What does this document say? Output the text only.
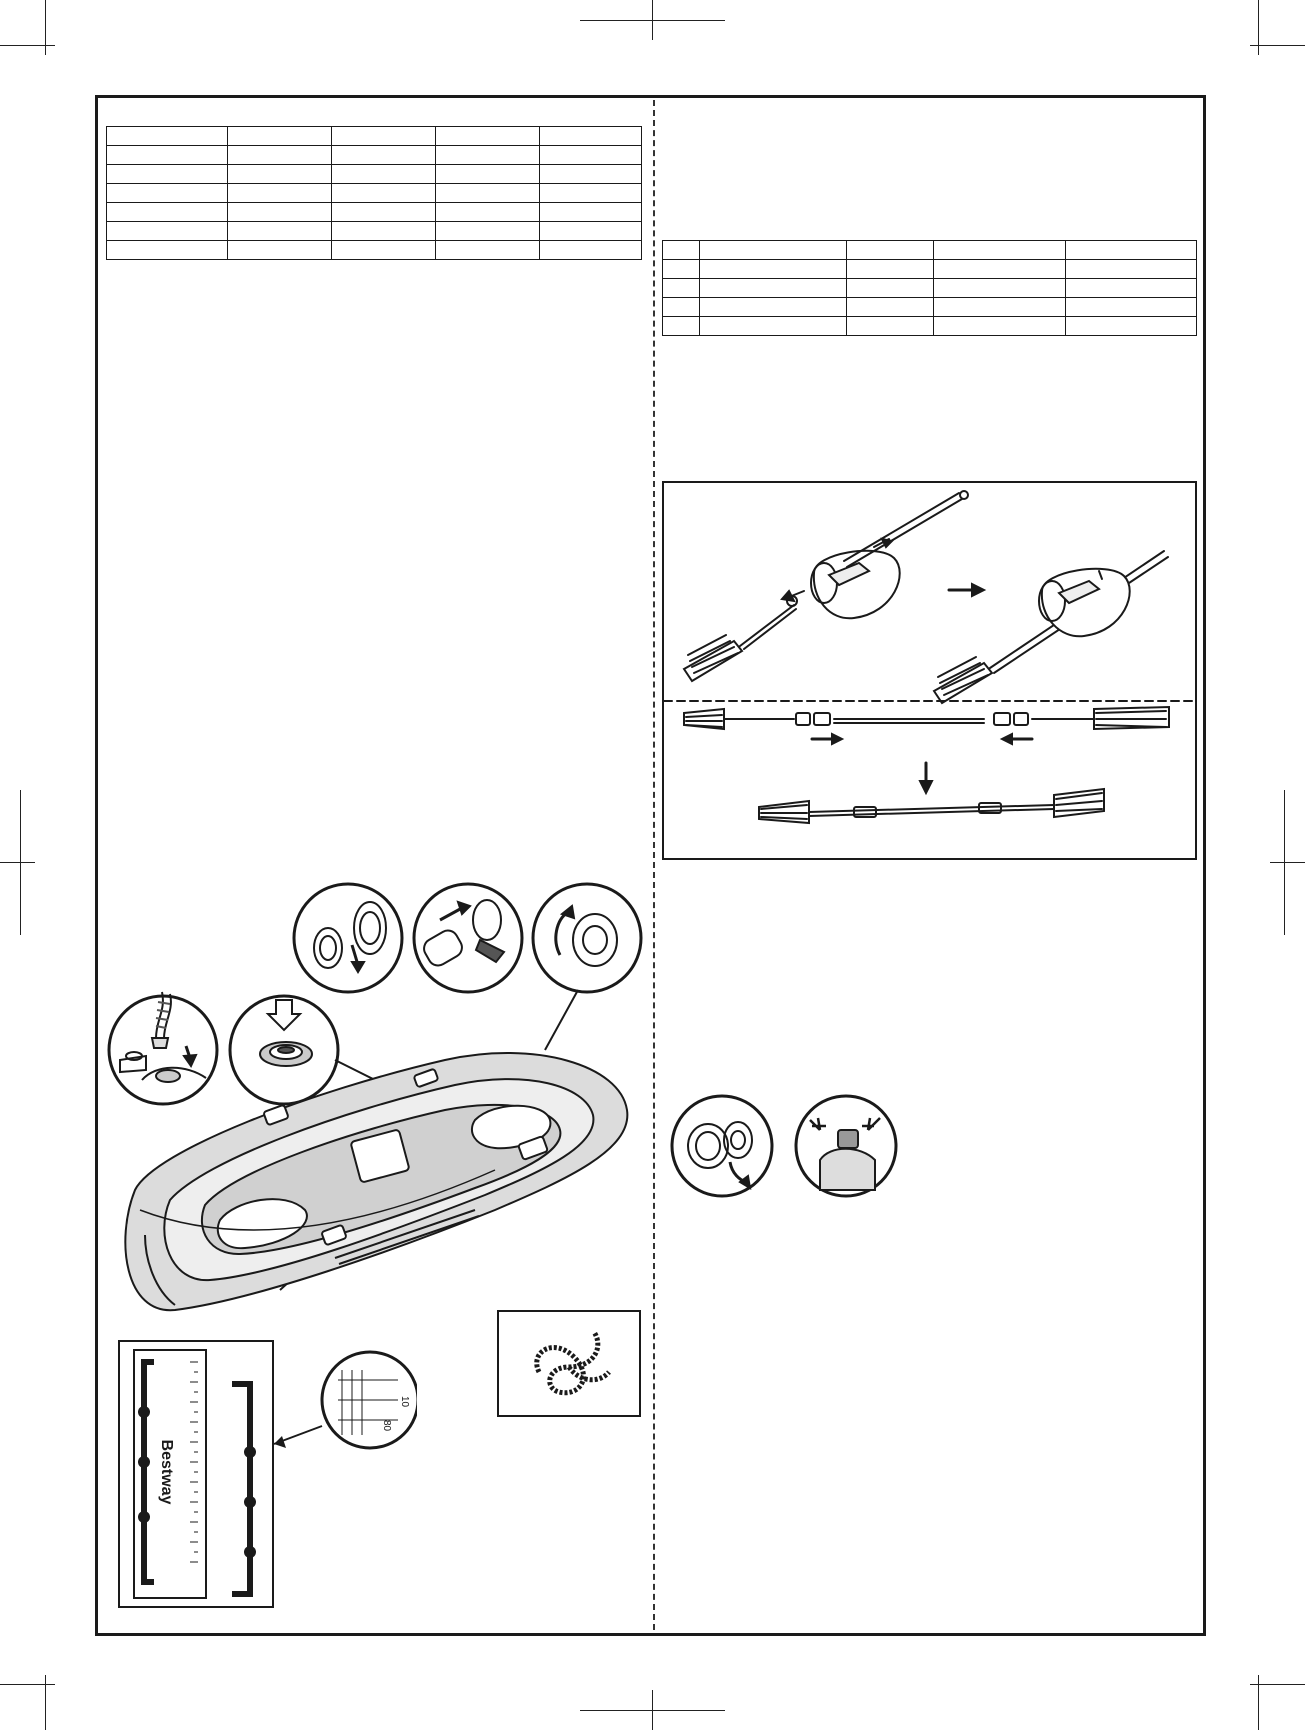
Bestway
10
80
